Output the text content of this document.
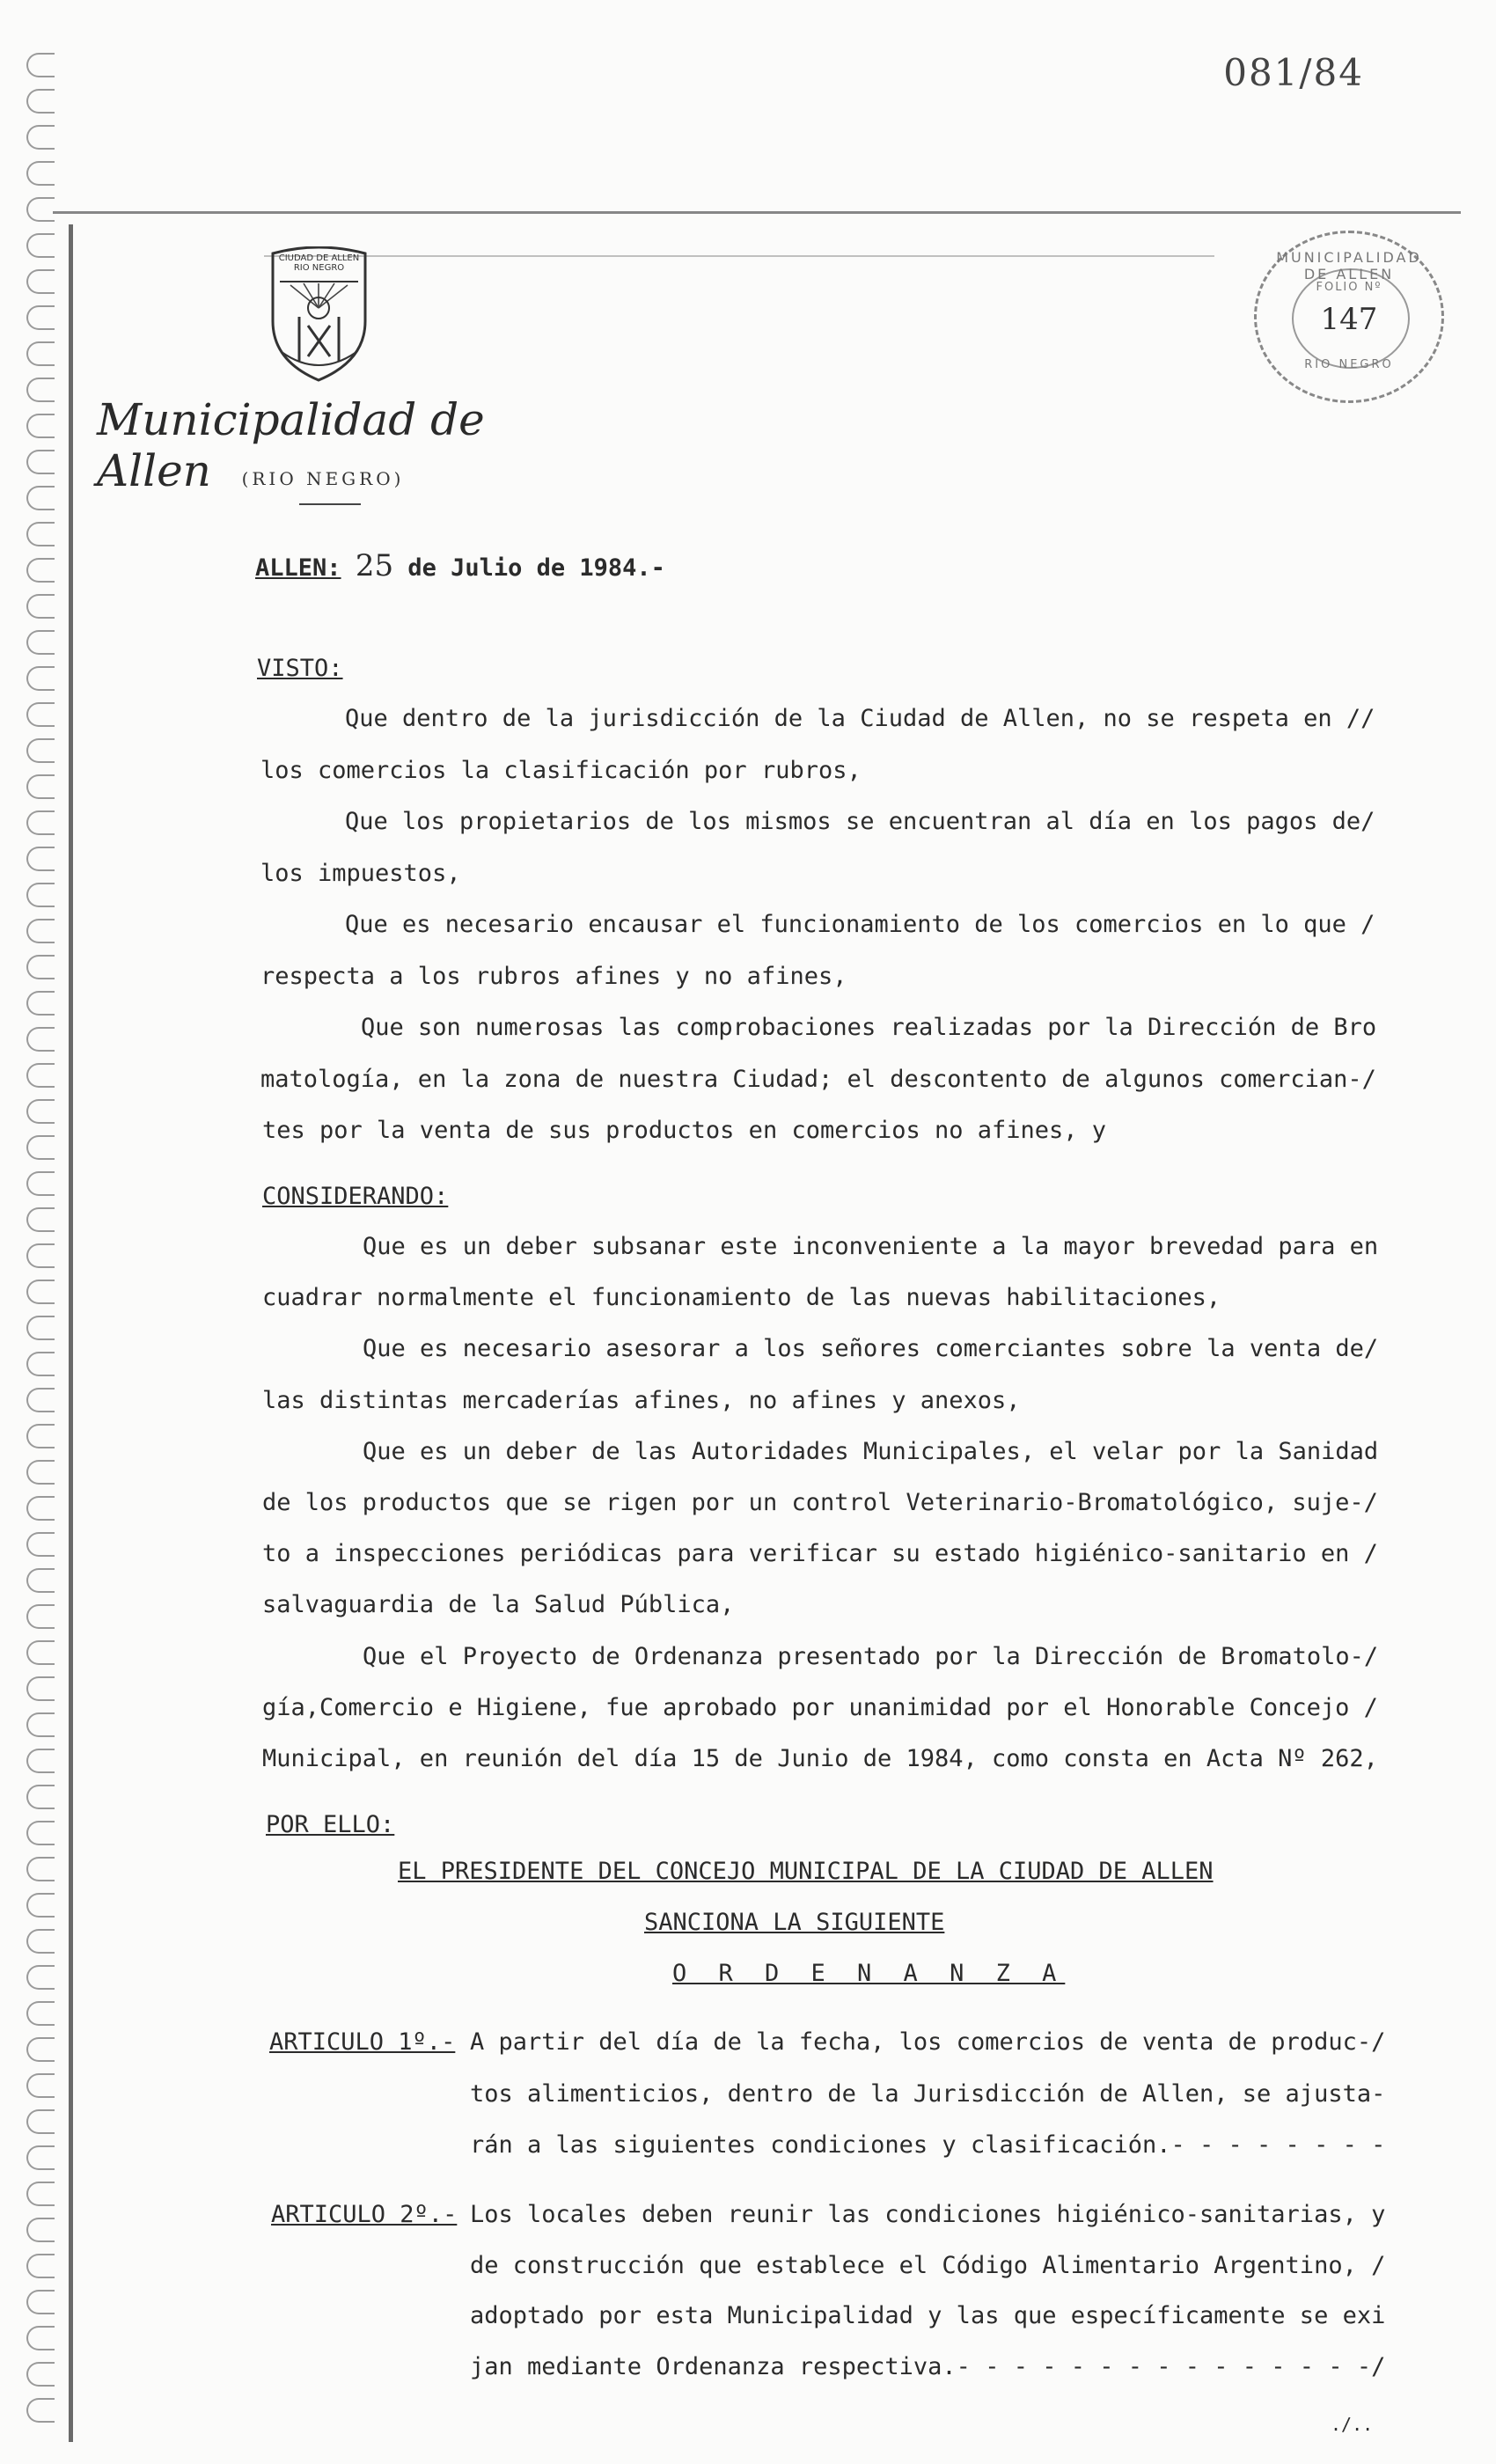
081/84
MUNICIPALIDAD DE ALLEN
FOLIO Nº
147
RIO NEGRO
CIUDAD DE ALLEN
RIO NEGRO
Municipalidad de Allen	(RIO NEGRO)
ALLEN: 25 de Julio de 1984.-
VISTO:
Que dentro de la jurisdicción de la Ciudad de Allen, no se respeta en //
los comercios la clasificación por rubros,
Que los propietarios de los mismos se encuentran al día en los pagos de/
los impuestos,
Que es necesario encausar el funcionamiento de los comercios en lo que /
respecta a los rubros afines y no afines,
Que son numerosas las comprobaciones realizadas por la Dirección de Bro
matología, en la zona de nuestra Ciudad; el descontento de algunos comercian-/
tes por la venta de sus productos en comercios no afines, y
CONSIDERANDO:
Que es un deber subsanar este inconveniente a la mayor brevedad para en
cuadrar normalmente el funcionamiento de las nuevas habilitaciones,
Que es necesario asesorar a los señores comerciantes sobre la venta de/
las distintas mercaderías afines, no afines y anexos,
Que es un deber de las Autoridades Municipales, el velar por la Sanidad
de los productos que se rigen por un control Veterinario-Bromatológico, suje-/
to a inspecciones periódicas para verificar su estado higiénico-sanitario en /
salvaguardia de la Salud Pública,
Que el Proyecto de Ordenanza presentado por la Dirección de Bromatolo-/
gía,Comercio e Higiene, fue aprobado por unanimidad por el Honorable Concejo /
Municipal, en reunión del día 15 de Junio de 1984, como consta en Acta Nº 262,
POR ELLO:
EL PRESIDENTE DEL CONCEJO MUNICIPAL DE LA CIUDAD DE ALLEN
SANCIONA LA SIGUIENTE
O R D E N A N Z A
ARTICULO 1º.- A partir del día de la fecha, los comercios de venta de produc-/
tos alimenticios, dentro de la Jurisdicción de Allen, se ajusta-
rán a las siguientes condiciones y clasificación.- - - - - - - -
ARTICULO 2º.- Los locales deben reunir las condiciones higiénico-sanitarias, y
de construcción que establece el Código Alimentario Argentino, /
adoptado por esta Municipalidad y las que específicamente se exi
jan mediante Ordenanza respectiva.- - - - - - - - - - - - - - -/
./..
